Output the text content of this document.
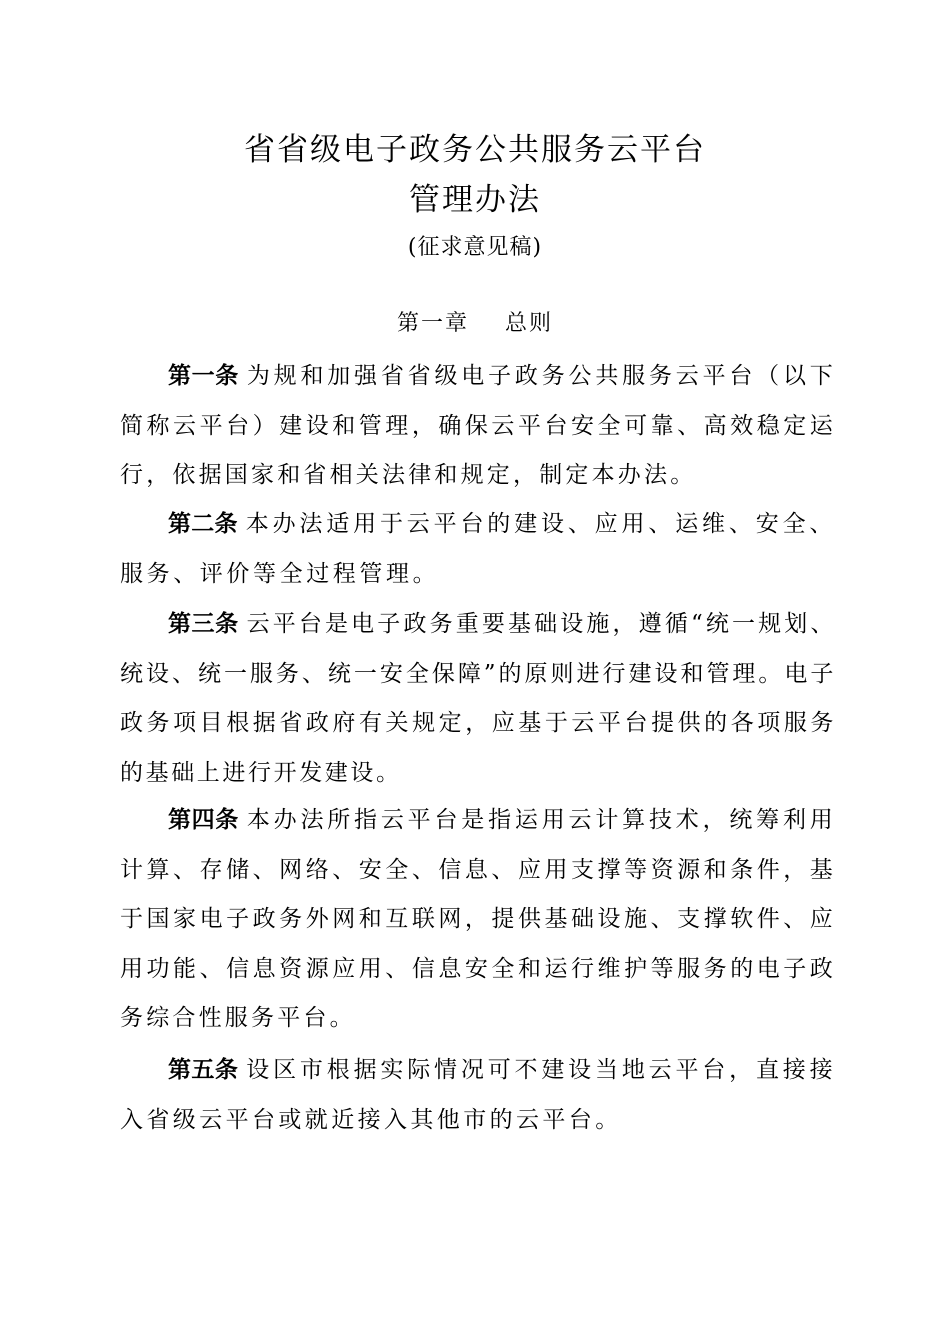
省省级电子政务公共服务云平台
管理办法
(征求意见稿)
第一章    总则

第一条 为规和加强省省级电子政务公共服务云平台（以下简称云平台）建设和管理，确保云平台安全可靠、高效稳定运行，依据国家和省相关法律和规定，制定本办法。

第二条 本办法适用于云平台的建设、应用、运维、安全、服务、评价等全过程管理。

第三条 云平台是电子政务重要基础设施，遵循“统一规划、统设、统一服务、统一安全保障”的原则进行建设和管理。电子政务项目根据省政府有关规定，应基于云平台提供的各项服务的基础上进行开发建设。

第四条 本办法所指云平台是指运用云计算技术，统筹利用计算、存储、网络、安全、信息、应用支撑等资源和条件，基于国家电子政务外网和互联网，提供基础设施、支撑软件、应用功能、信息资源应用、信息安全和运行维护等服务的电子政务综合性服务平台。

第五条 设区市根据实际情况可不建设当地云平台，直接接入省级云平台或就近接入其他市的云平台。
